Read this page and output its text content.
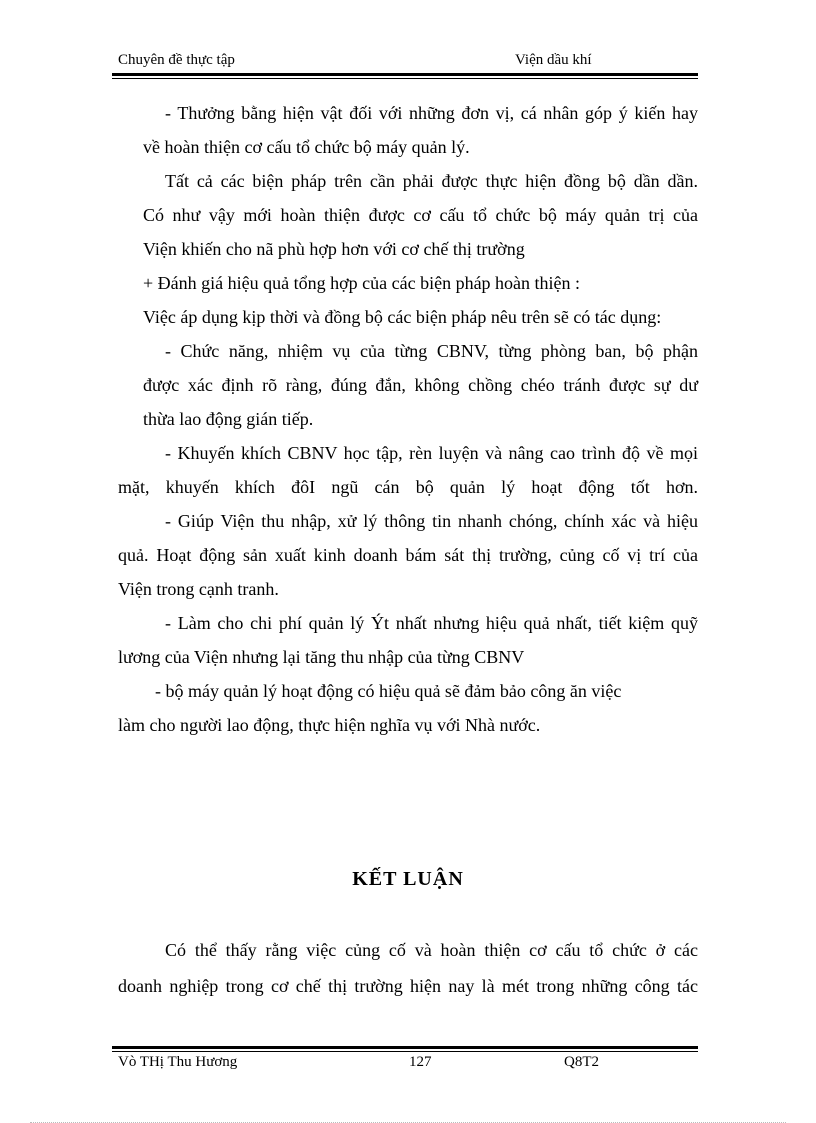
Chuyên đề thực tập	Viện dầu khí
- Thưởng bằng hiện vật đối với những đơn vị, cá nhân góp ý kiến hay
về hoàn thiện cơ cấu tổ chức bộ máy quản lý.
Tất cả các biện pháp trên cần phải được thực hiện đồng bộ dần dần.
Có như vậy mới hoàn thiện được cơ cấu tổ chức bộ máy quản trị của
Viện khiến cho nã phù hợp hơn với cơ chế thị trường
+ Đánh giá hiệu quả tổng hợp của các biện pháp hoàn thiện :
Việc áp dụng kịp thời và đồng bộ các biện pháp nêu trên sẽ có tác dụng:
- Chức năng, nhiệm vụ của từng CBNV, từng phòng ban, bộ phận
được xác định rõ ràng, đúng đắn, không chồng chéo tránh được sự dư
thừa lao động gián tiếp.
- Khuyến khích CBNV học tập, rèn luyện và nâng cao trình độ về mọi
mặt, khuyến khích đôI ngũ cán bộ quản lý hoạt động tốt hơn.
- Giúp Viện thu nhập, xử lý thông tin nhanh chóng, chính xác và hiệu
quả. Hoạt động sản xuất kinh doanh bám sát thị trường, củng cố vị trí của
Viện trong cạnh tranh.
- Làm cho chi phí quản lý Ýt nhất nhưng hiệu quả nhất, tiết kiệm quỹ
lương của Viện nhưng lại tăng thu nhập của từng CBNV
- bộ máy quản lý hoạt động có hiệu quả sẽ đảm bảo công ăn việc
làm cho người lao động, thực hiện nghĩa vụ với Nhà nước.
KẾT LUẬN
Có thể thấy rằng việc củng cố và hoàn thiện cơ cấu tổ chức ở các
doanh nghiệp trong cơ chế thị trường hiện nay là mét trong những công tác
Vò THị Thu Hương	127	Q8T2
